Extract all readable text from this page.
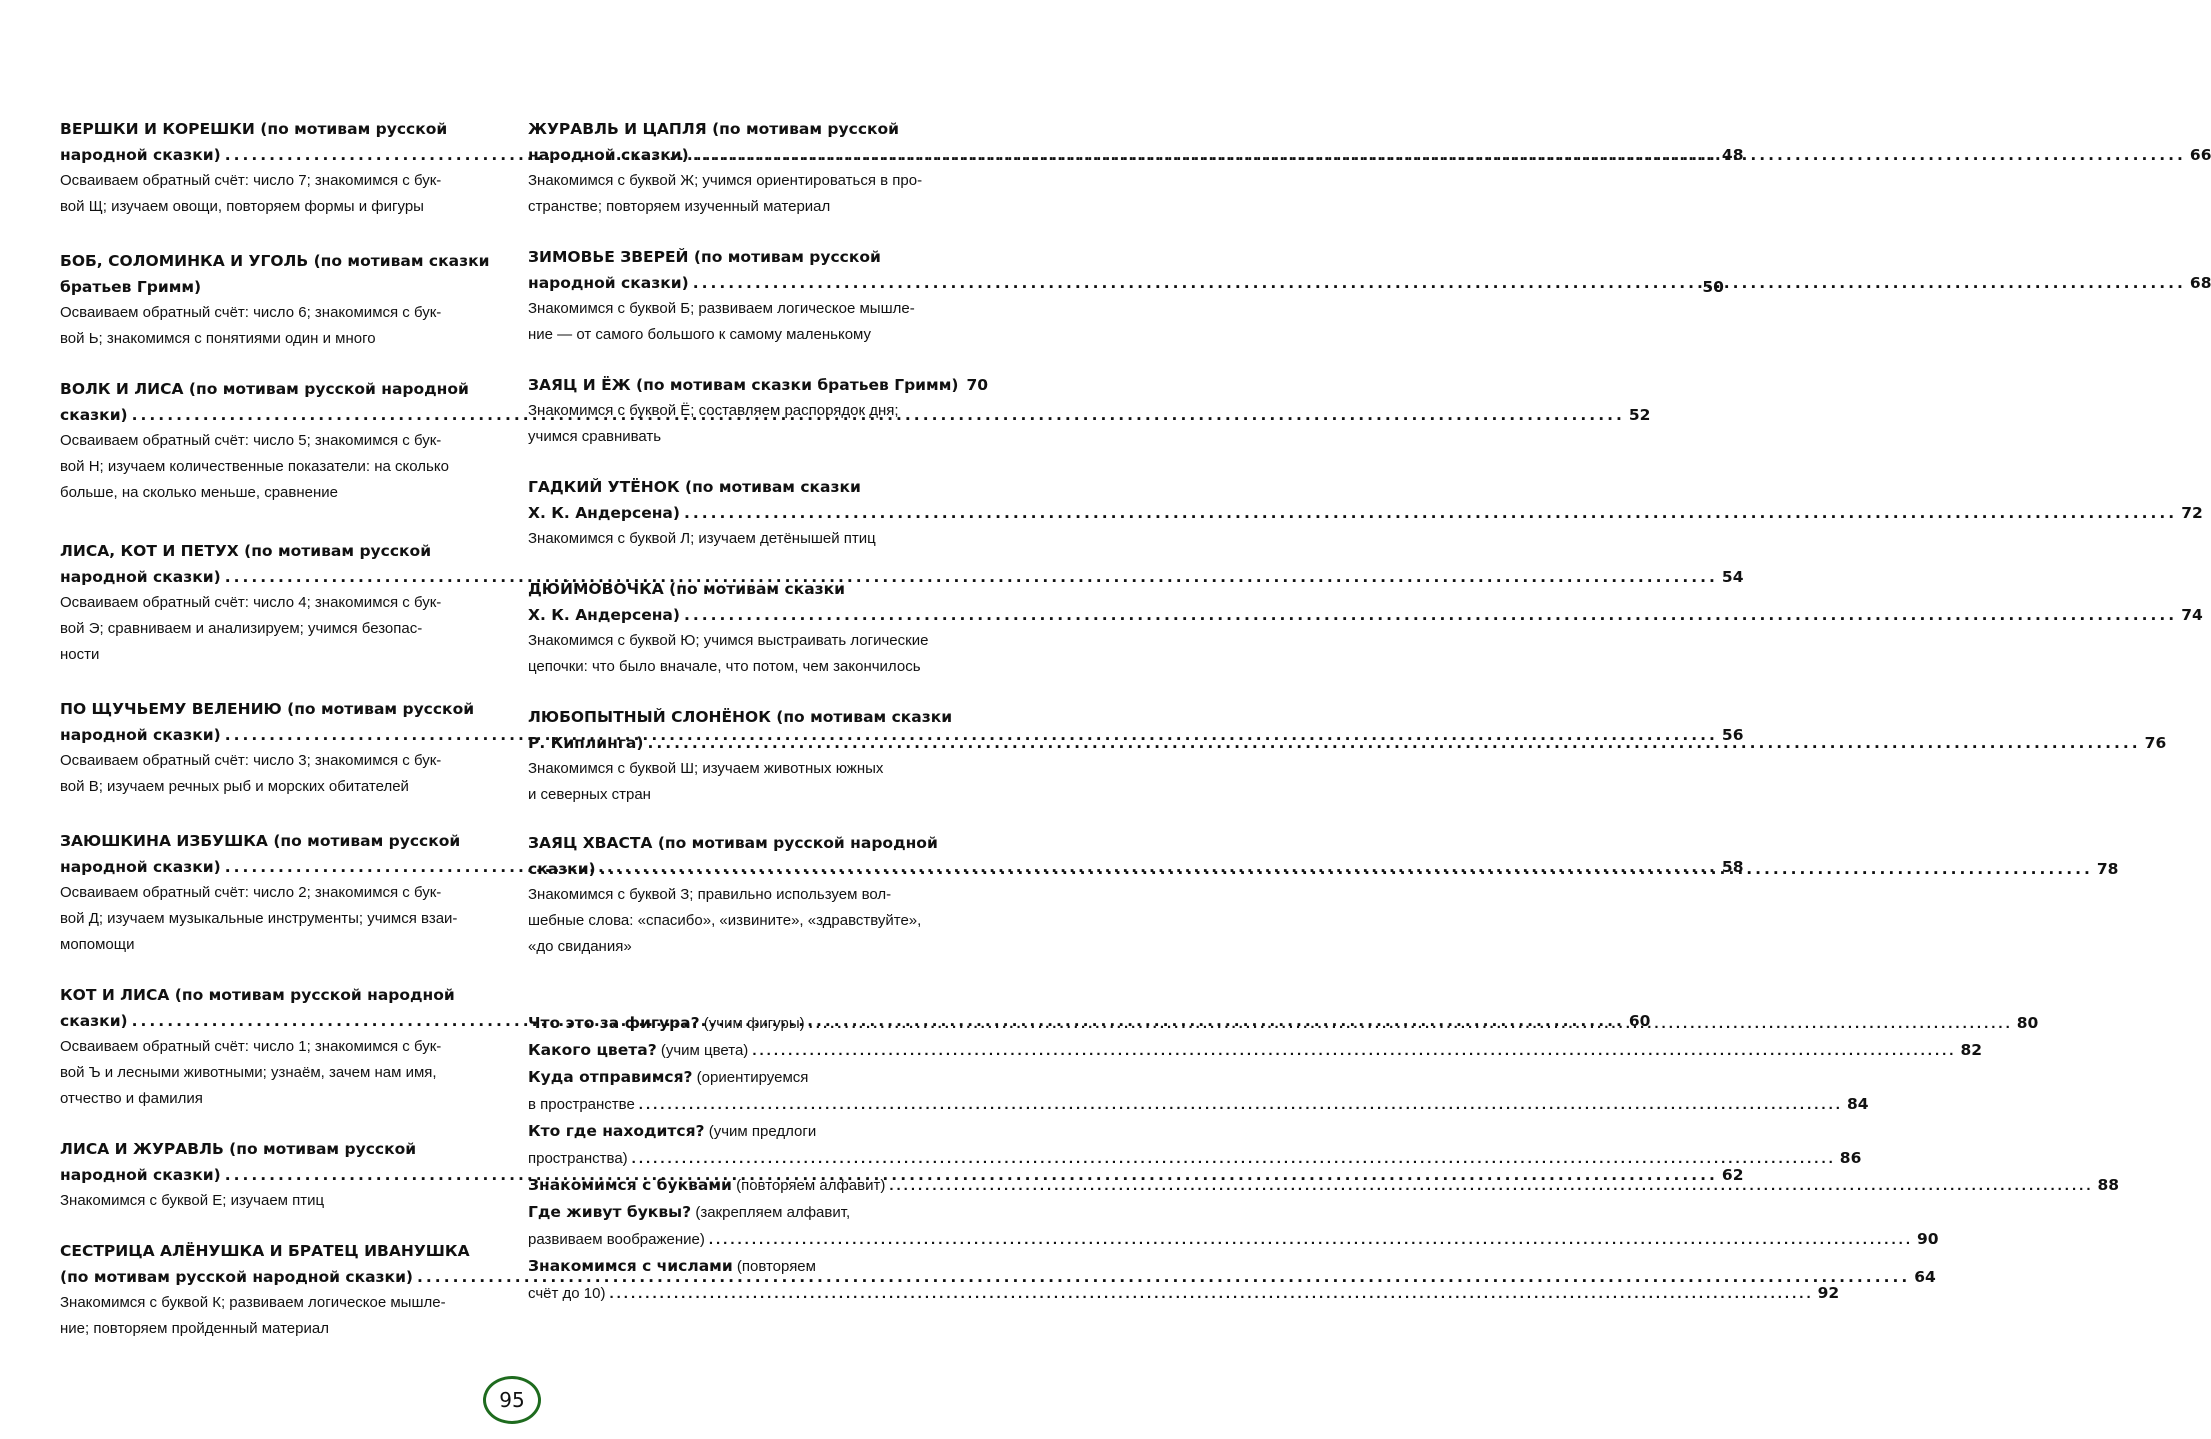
ВЕРШКИ И КОРЕШКИ (по мотивам русской
народной сказки) .....	48
Осваиваем обратный счёт: число 7; знакомимся с бук-
вой Щ; изучаем овощи, повторяем формы и фигуры
БОБ, СОЛОМИНКА И УГОЛЬ (по мотивам сказки
братьев Гримм)	50
Осваиваем обратный счёт: число 6; знакомимся с бук-
вой Ь; знакомимся с понятиями один и много
ВОЛК И ЛИСА (по мотивам русской народной
сказки) .....	52
Осваиваем обратный счёт: число 5; знакомимся с бук-
вой Н; изучаем количественные показатели: на сколько
больше, на сколько меньше, сравнение
ЛИСА, КОТ И ПЕТУХ (по мотивам русской
народной сказки) .....	54
Осваиваем обратный счёт: число 4; знакомимся с бук-
вой Э; сравниваем и анализируем; учимся безопас-
ности
ПО ЩУЧЬЕМУ ВЕЛЕНИЮ (по мотивам русской
народной сказки) .....	56
Осваиваем обратный счёт: число 3; знакомимся с бук-
вой В; изучаем речных рыб и морских обитателей
ЗАЮШКИНА ИЗБУШКА (по мотивам русской
народной сказки) .....	58
Осваиваем обратный счёт: число 2; знакомимся с бук-
вой Д; изучаем музыкальные инструменты; учимся взаи-
мопомощи
КОТ И ЛИСА (по мотивам русской народной
сказки) .....	60
Осваиваем обратный счёт: число 1; знакомимся с бук-
вой Ъ и лесными животными; узнаём, зачем нам имя,
отчество и фамилия
ЛИСА И ЖУРАВЛЬ (по мотивам русской
народной сказки) .....	62
Знакомимся с буквой Е; изучаем птиц
СЕСТРИЦА АЛЁНУШКА И БРАТЕЦ ИВАНУШКА
(по мотивам русской народной сказки) .....	64
Знакомимся с буквой К; развиваем логическое мышле-
ние; повторяем пройденный материал
ЖУРАВЛЬ И ЦАПЛЯ (по мотивам русской
народной сказки) .....	66
Знакомимся с буквой Ж; учимся ориентироваться в про-
странстве; повторяем изученный материал
ЗИМОВЬЕ ЗВЕРЕЙ (по мотивам русской
народной сказки) .....	68
Знакомимся с буквой Б; развиваем логическое мышле-
ние — от самого большого к самому маленькому
ЗАЯЦ И ЁЖ (по мотивам сказки братьев Гримм) 70
Знакомимся с буквой Ё; составляем распорядок дня;
учимся сравнивать
ГАДКИЙ УТЁНОК (по мотивам сказки
Х. К. Андерсена) .....	72
Знакомимся с буквой Л; изучаем детёнышей птиц
ДЮЙМОВОЧКА (по мотивам сказки
Х. К. Андерсена) .....	74
Знакомимся с буквой Ю; учимся выстраивать логические
цепочки: что было вначале, что потом, чем закончилось
ЛЮБОПЫТНЫЙ СЛОНЁНОК (по мотивам сказки
Р. Киплинга) .....	76
Знакомимся с буквой Ш; изучаем животных южных
и северных стран
ЗАЯЦ ХВАСТА (по мотивам русской народной
сказки) .....	78
Знакомимся с буквой З; правильно используем вол-
шебные слова: «спасибо», «извините», «здравствуйте»,
«до свидания»
Что это за фигура? (учим фигуры) .....	80
Какого цвета? (учим цвета) .....	82
Куда отправимся? (ориентируемся
в пространстве .....	84
Кто где находится? (учим предлоги
пространства) .....	86
Знакомимся с буквами (повторяем алфавит) .....	88
Где живут буквы? (закрепляем алфавит,
развиваем воображение) .....	90
Знакомимся с числами (повторяем
счёт до 10) .....	92
95
